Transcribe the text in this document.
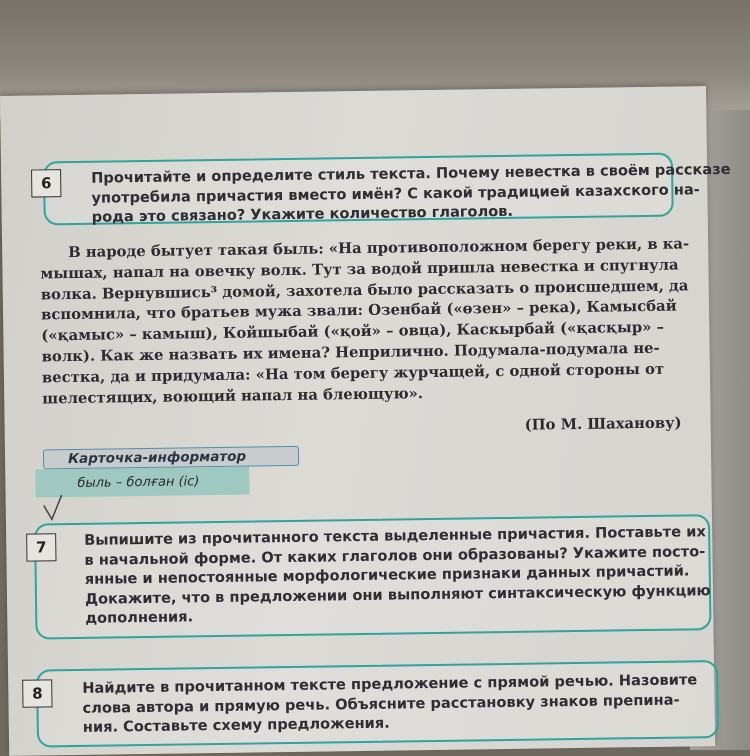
6	Прочитайте и определите стиль текста. Почему невестка в своём рассказе
употребила причастия вместо имён? С какой традицией казахского на-
рода это связано? Укажите количество глаголов.
В народе бытует такая быль: «На противоположном берегу реки, в ка-
мышах, напал на овечку волк. Тут за водой пришла невестка и спугнула
волка. Вернувшись³ домой, захотела было рассказать о происшедшем, да
вспомнила, что братьев мужа звали: Озенбай («өзен» – река), Камысбай
(«қамыс» – камыш), Койшыбай («қой» – овца), Каскырбай («қасқыр» –
волк). Как же назвать их имена? Неприлично. Подумала-подумала не-
вестка, да и придумала: «На том берегу журчащей, с одной стороны от
шелестящих, воющий напал на блеющую».
(По М. Шаханову)
Карточка-информатор
быль – болған (іс)
7	Выпишите из прочитанного текста выделенные причастия. Поставьте их
в начальной форме. От каких глаголов они образованы? Укажите посто-
янные и непостоянные морфологические признаки данных причастий.
Докажите, что в предложении они выполняют синтаксическую функцию
дополнения.
8	Найдите в прочитанном тексте предложение с прямой речью. Назовите
слова автора и прямую речь. Объясните расстановку знаков препина-
ния. Составьте схему предложения.
